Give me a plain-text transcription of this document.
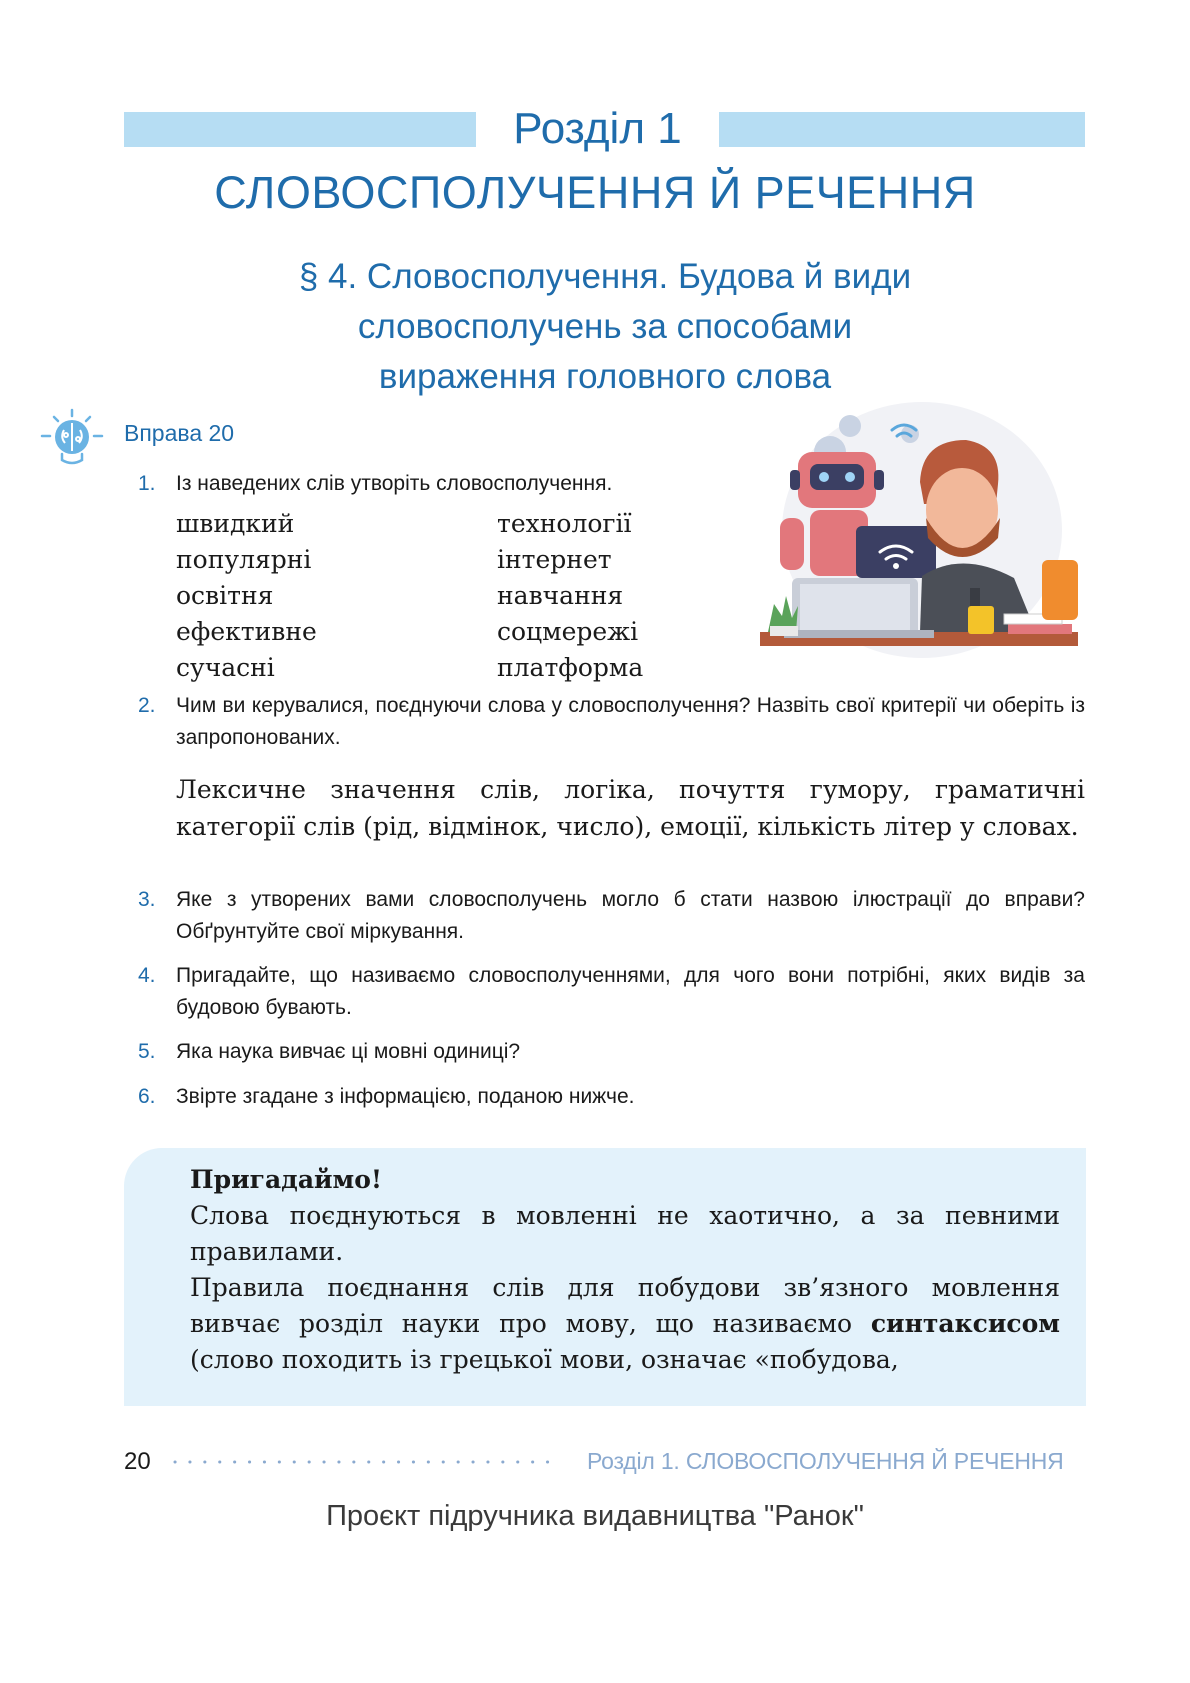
Розділ 1
СЛОВОСПОЛУЧЕННЯ Й РЕЧЕННЯ
§ 4. Словосполучення. Будова й види
словосполучень за способами
вираження головного слова
Вправа 20
1. Із наведених слів утворіть словосполучення.
швидкий
популярні
освітня
ефективне
сучасні
технології
інтернет
навчання
соцмережі
платформа
2. Чим ви керувалися, поєднуючи слова у словосполучення? Назвіть свої критерії чи оберіть із запропонованих.
Лексичне значення слів, логіка, почуття гумору, граматичні категорії слів (рід, відмінок, число), емоції, кількість літер у словах.
3. Яке з утворених вами словосполучень могло б стати назвою ілюстрації до вправи? Обґрунтуйте свої міркування.
4. Пригадайте, що називаємо словосполученнями, для чого вони потрібні, яких видів за будовою бувають.
5. Яка наука вивчає ці мовні одиниці?
6. Звірте згадане з інформацією, поданою нижче.

Пригадаймо!

Слова поєднуються в мовленні не хаотично, а за певними правилами.

Правила поєднання слів для побудови зв’язного мовлення вивчає розділ науки про мову, що називаємо синтаксисом (слово походить із грецької мови, означає «побудова,

20	Розділ 1. СЛОВОСПОЛУЧЕННЯ Й РЕЧЕННЯ
Проєкт підручника видавництва "Ранок"
